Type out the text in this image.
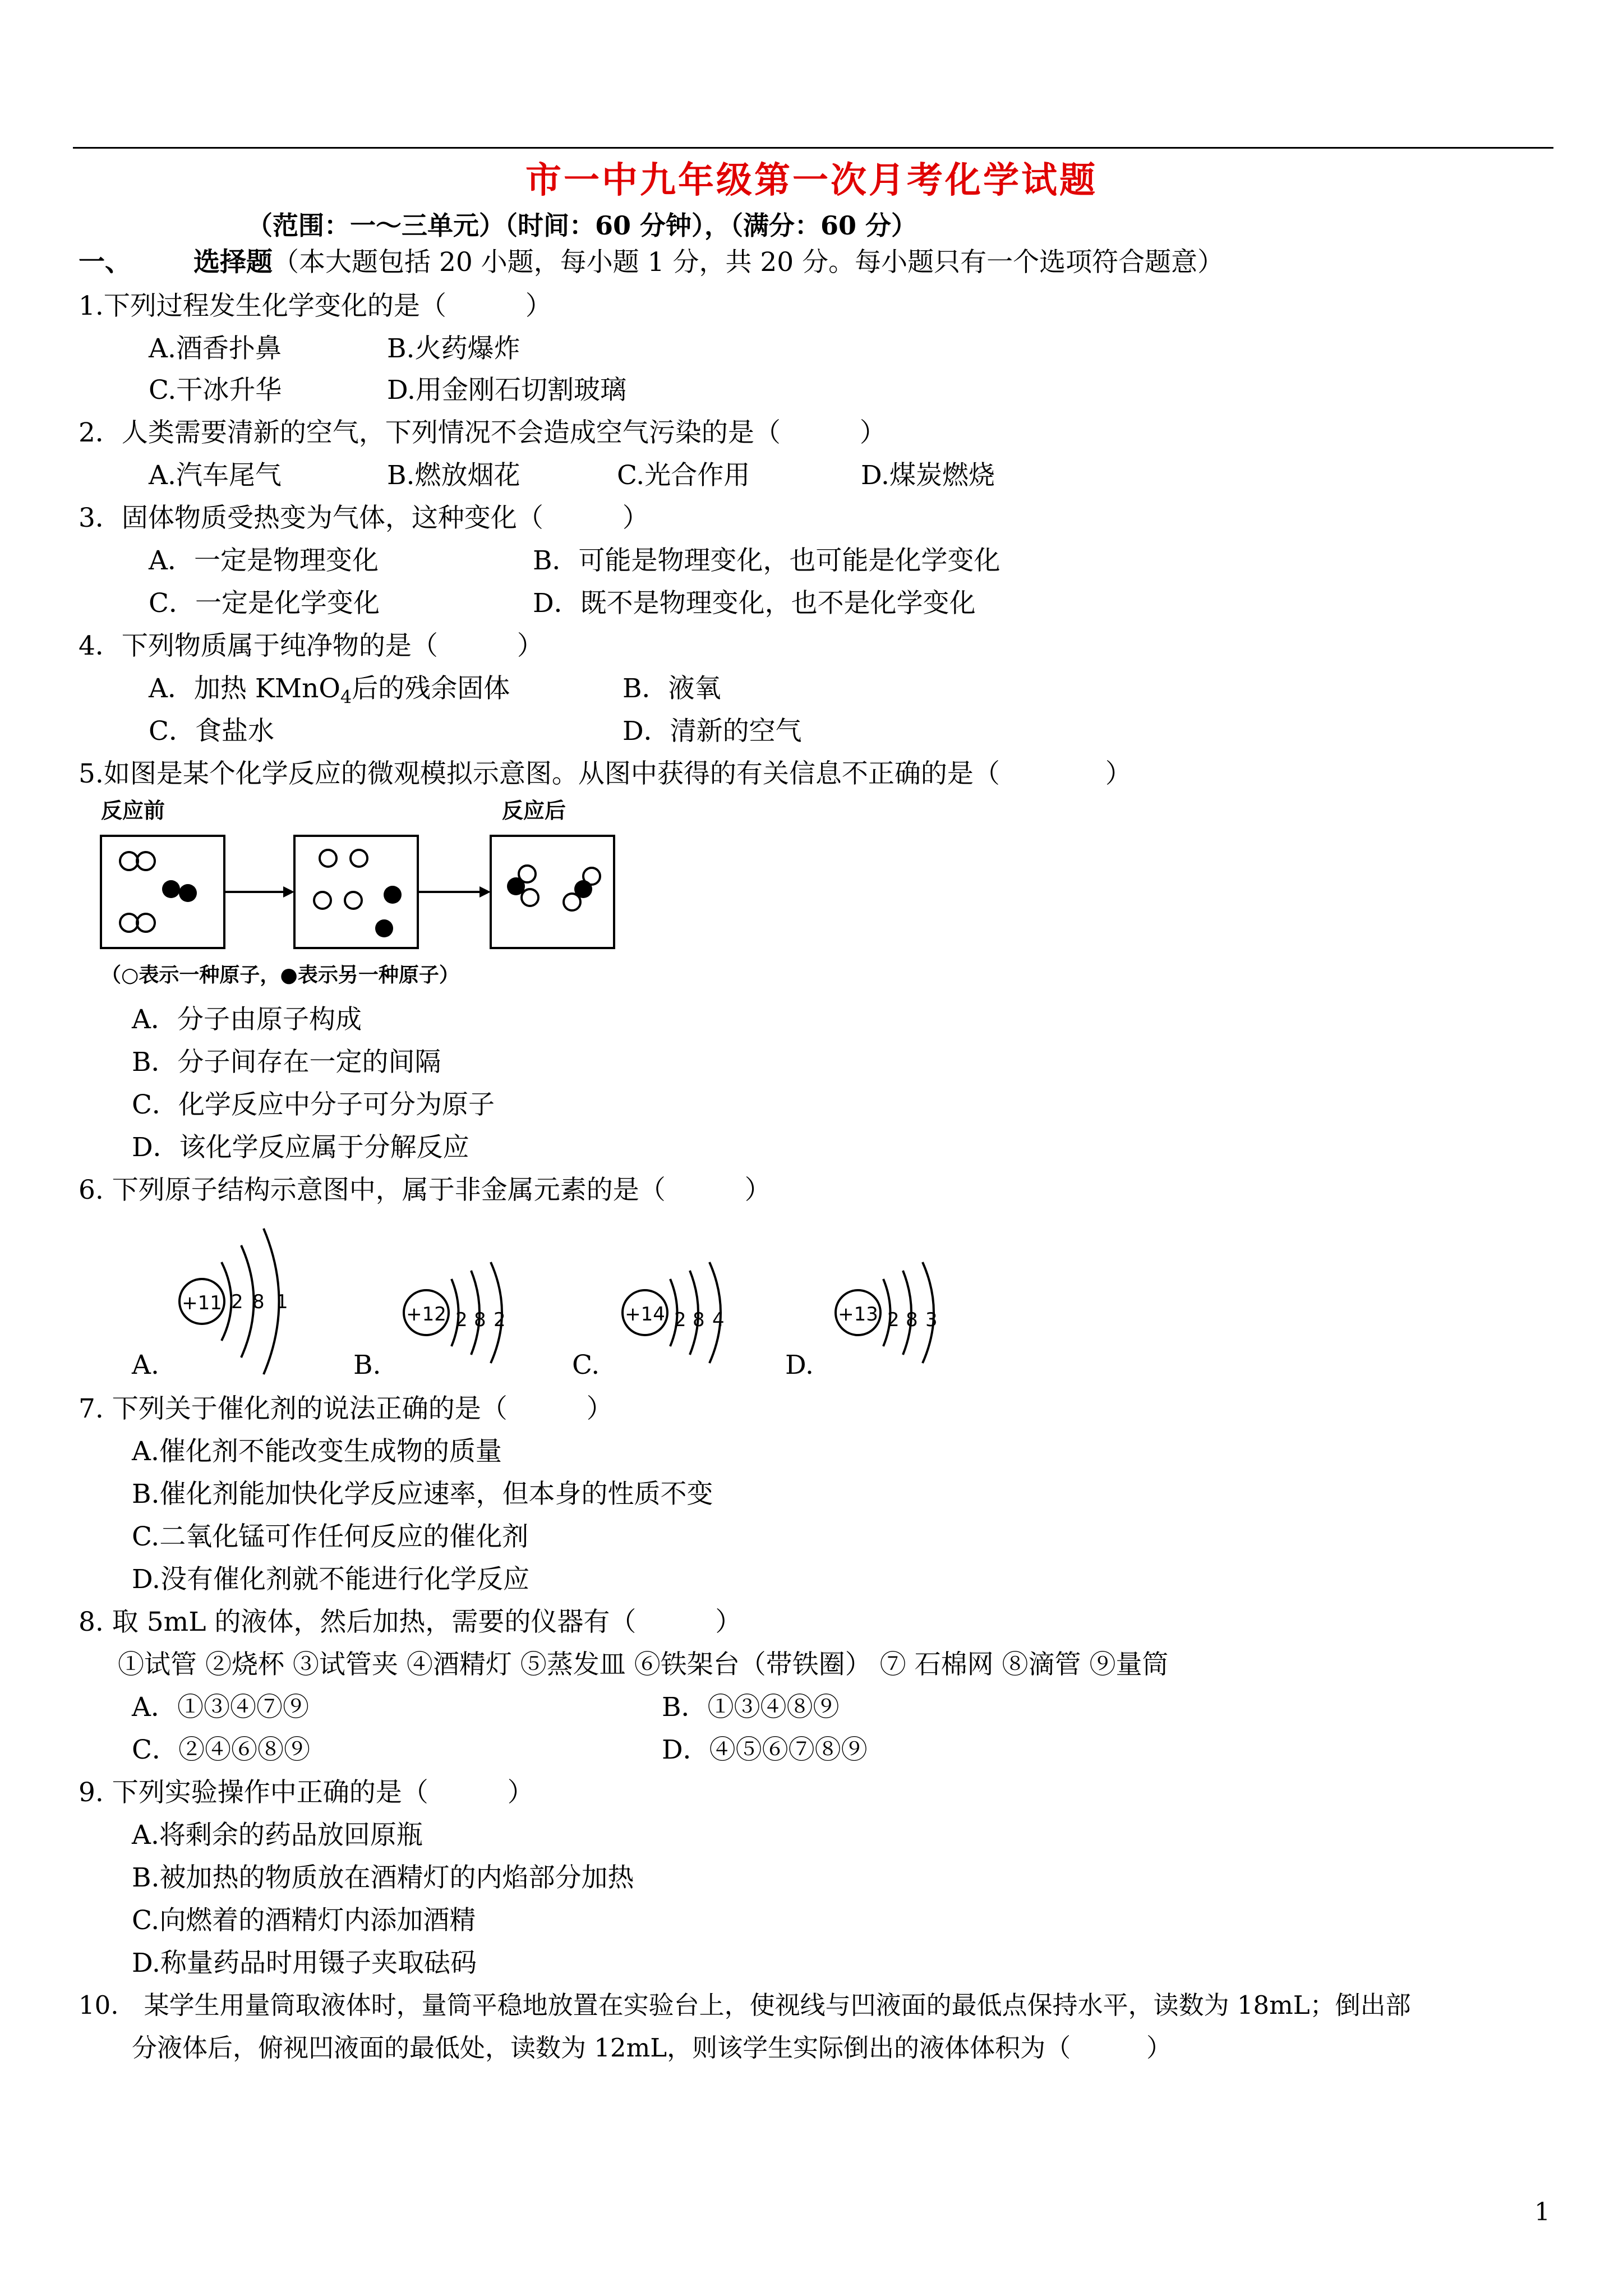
市一中九年级第一次月考化学试题
（范围：一～三单元）（时间：60 分钟），（满分：60 分）
一、 选择题（本大题包括 20 小题，每小题 1 分，共 20 分。每小题只有一个选项符合题意）
1.下列过程发生化学变化的是（　　　）
A.酒香扑鼻	B.火药爆炸
C.干冰升华	D.用金刚石切割玻璃
2．人类需要清新的空气，下列情况不会造成空气污染的是（　　　）
A.汽车尾气	B.燃放烟花	C.光合作用	D.煤炭燃烧
3．固体物质受热变为气体，这种变化（　　　）
A．一定是物理变化	B．可能是物理变化，也可能是化学变化
C．一定是化学变化	D．既不是物理变化，也不是化学变化
4．下列物质属于纯净物的是（　　　）
A．加热 KMnO$_4$后的残余固体	B．液氧
C．食盐水	D．清新的空气
5.如图是某个化学反应的微观模拟示意图。从图中获得的有关信息不正确的是（　　　　）
反应前	反应后
（○表示一种原子，●表示另一种原子）
A．分子由原子构成
B．分子间存在一定的间隔
C．化学反应中分子可分为原子
D．该化学反应属于分解反应
6. 下列原子结构示意图中，属于非金属元素的是（　　　）
A.
+11 2 8 1
B.
+12 2 8 2
C.
+14 2 8 4
D.
+13 2 8 3
7. 下列关于催化剂的说法正确的是（　　　）
A.催化剂不能改变生成物的质量
B.催化剂能加快化学反应速率，但本身的性质不变
C.二氧化锰可作任何反应的催化剂
D.没有催化剂就不能进行化学反应
8. 取 5mL 的液体，然后加热，需要的仪器有（　　　）
①试管 ②烧杯 ③试管夹 ④酒精灯 ⑤蒸发皿 ⑥铁架台（带铁圈） ⑦ 石棉网 ⑧滴管 ⑨量筒
A．①③④⑦⑨	B．①③④⑧⑨
C．②④⑥⑧⑨	D．④⑤⑥⑦⑧⑨
9. 下列实验操作中正确的是（　　　）
A.将剩余的药品放回原瓶
B.被加热的物质放在酒精灯的内焰部分加热
C.向燃着的酒精灯内添加酒精
D.称量药品时用镊子夹取砝码
10.　某学生用量筒取液体时，量筒平稳地放置在实验台上，使视线与凹液面的最低点保持水平，读数为 18mL；倒出部
分液体后，俯视凹液面的最低处，读数为 12mL，则该学生实际倒出的液体体积为（　　　）
1
